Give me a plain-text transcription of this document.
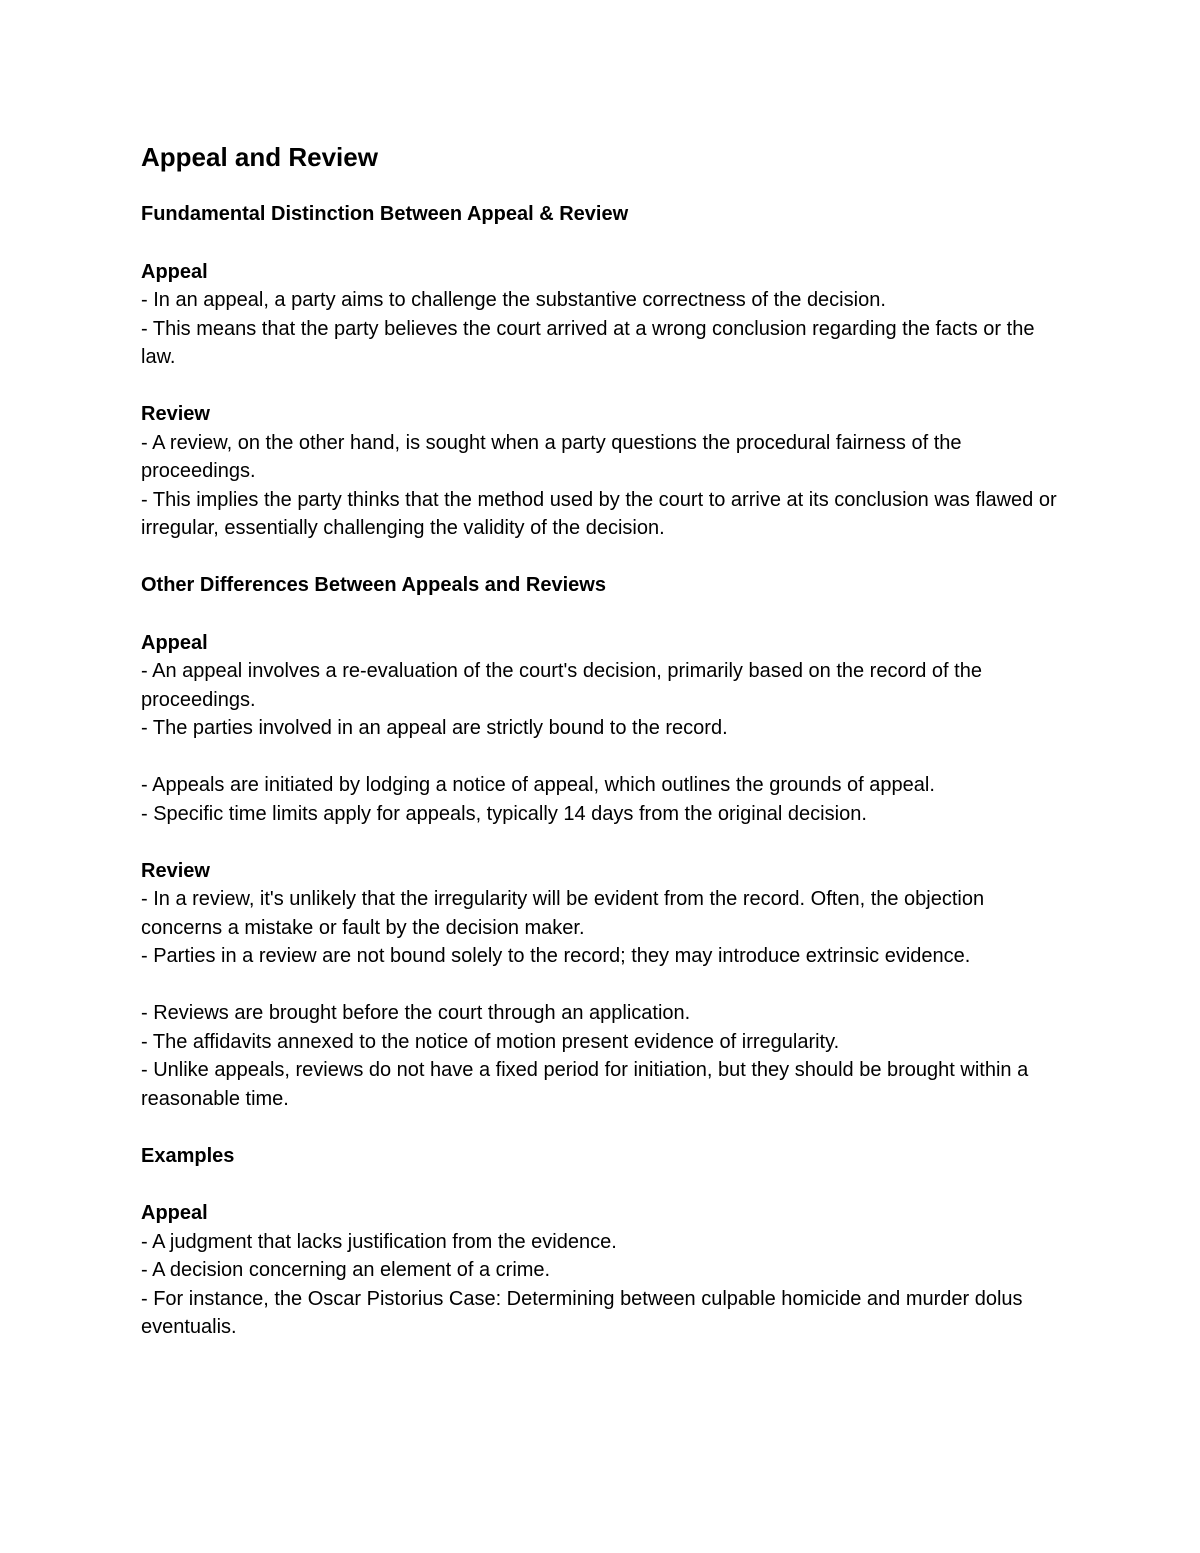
Appeal and Review
Fundamental Distinction Between Appeal & Review
Appeal
- In an appeal, a party aims to challenge the substantive correctness of the decision.
- This means that the party believes the court arrived at a wrong conclusion regarding the facts or the law.
Review
- A review, on the other hand, is sought when a party questions the procedural fairness of the proceedings.
- This implies the party thinks that the method used by the court to arrive at its conclusion was flawed or irregular, essentially challenging the validity of the decision.
Other Differences Between Appeals and Reviews
Appeal
- An appeal involves a re-evaluation of the court's decision, primarily based on the record of the proceedings.
- The parties involved in an appeal are strictly bound to the record.
- Appeals are initiated by lodging a notice of appeal, which outlines the grounds of appeal.
- Specific time limits apply for appeals, typically 14 days from the original decision.
Review
- In a review, it's unlikely that the irregularity will be evident from the record. Often, the objection concerns a mistake or fault by the decision maker.
- Parties in a review are not bound solely to the record; they may introduce extrinsic evidence.
- Reviews are brought before the court through an application.
- The affidavits annexed to the notice of motion present evidence of irregularity.
- Unlike appeals, reviews do not have a fixed period for initiation, but they should be brought within a reasonable time.
Examples
Appeal
- A judgment that lacks justification from the evidence.
- A decision concerning an element of a crime.
- For instance, the Oscar Pistorius Case: Determining between culpable homicide and murder dolus eventualis.
